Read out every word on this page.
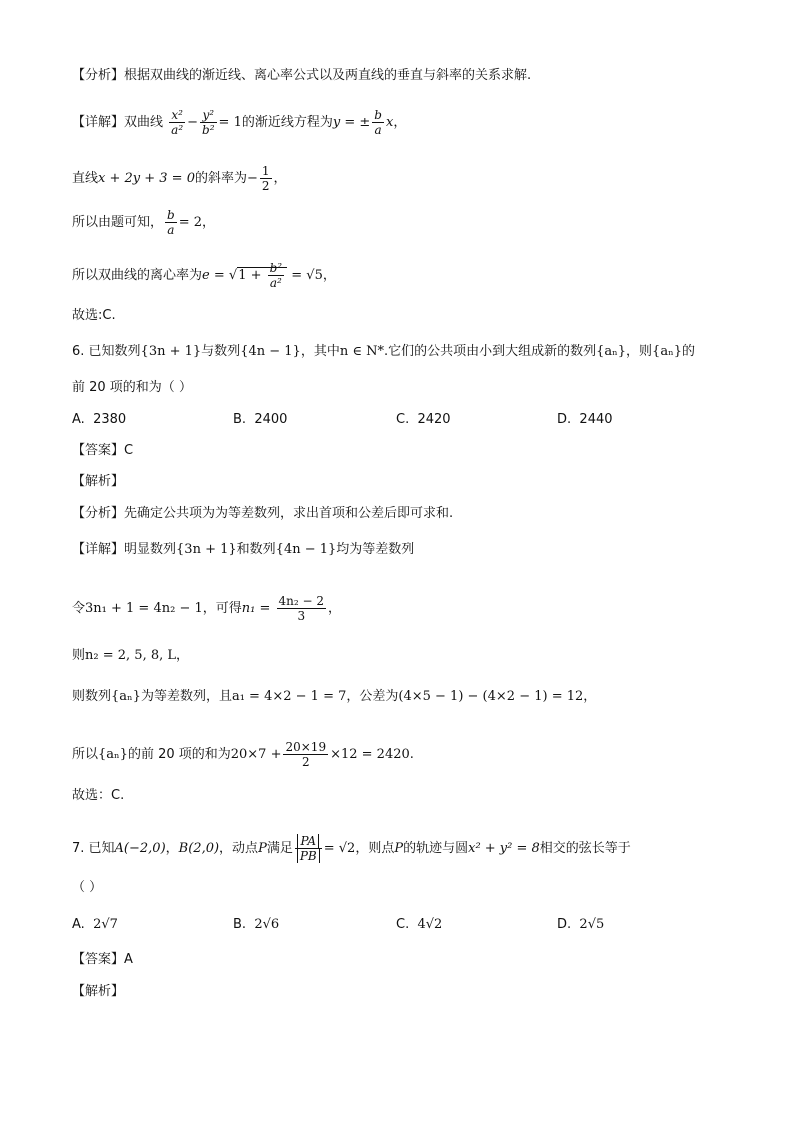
【分析】根据双曲线的渐近线、离心率公式以及两直线的垂直与斜率的关系求解.
【详解】双曲线 $\frac{\text{x²}}{\text{a²}} - \frac{\text{y²}}{\text{b²}} = 1$的渐近线方程为y = ± $\frac{b}{a}$ x，
直线x + 2y + 3 = 0的斜率为− $\frac{1}{2}$ ，
所以由题可知， $\frac{b}{a} = 2$，
所以双曲线的离心率为$e = √1 + \frac{\text{b²}}{\text{a²}} = √5$，
故选:C.
6. 已知数列{3n + 1}与数列{4n − 1}，其中n ∈ N*.它们的公共项由小到大组成新的数列{aₙ}，则{aₙ}的
前 20 项的和为（ ）
A. 2380	B. 2400	C. 2420	D. 2440
【答案】C
【解析】
【分析】先确定公共项为为等差数列，求出首项和公差后即可求和.
【详解】明显数列{3n + 1}和数列{4n − 1}均为等差数列
令3n₁ + 1 = 4n₂ − 1，可得$n_1 = \frac{\text{4n₂ − 2}}{3}$ ，
则n₂ = 2, 5, 8, L，
则数列{aₙ}为等差数列，且a₁ = 4×2 − 1 = 7，公差为(4×5 − 1) − (4×2 − 1) = 12，
所以{aₙ}的前 20 项的和为$20\times 7 + \frac{20\times 19}{2} \times 12 = 2420$.
故选：C.
7. 已知A(−2,0)，B(2,0)，动点P满足 $\frac{PA}{PB} = √2$，则点P的轨迹与圆x² + y² = 8相交的弦长等于
（ ）
A. 2√7	B. 2√6	C. 4√2	D. 2√5
【答案】A
【解析】
